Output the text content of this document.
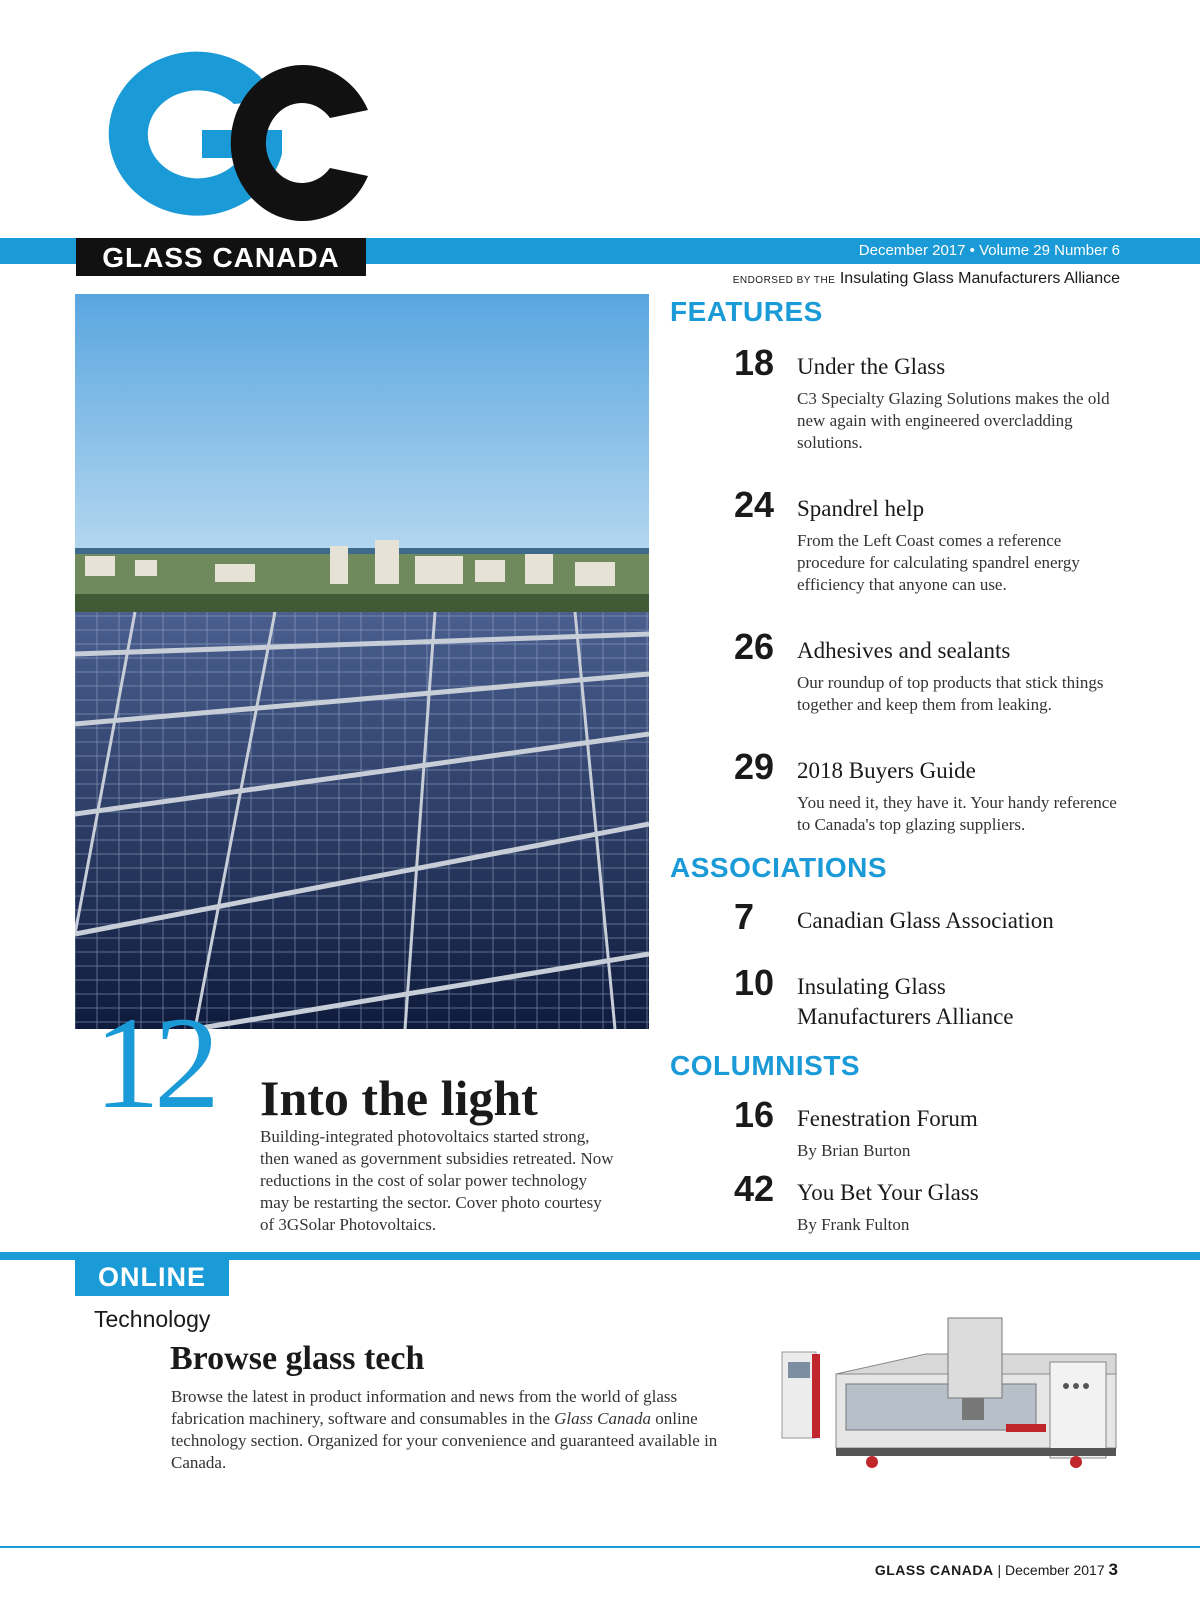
GLASS CANADA	December 2017 • Volume 29 Number 6
ENDORSED BY THE Insulating Glass Manufacturers Alliance
12 Into the light
Building-integrated photovoltaics started strong, then waned as government subsidies retreated. Now reductions in the cost of solar power technology may be restarting the sector. Cover photo courtesy of 3GSolar Photovoltaics.
FEATURES
18 Under the Glass
C3 Specialty Glazing Solutions makes the old new again with engineered overcladding solutions.
24 Spandrel help
From the Left Coast comes a reference procedure for calculating spandrel energy efficiency that anyone can use.
26 Adhesives and sealants
Our roundup of top products that stick things together and keep them from leaking.
29 2018 Buyers Guide
You need it, they have it. Your handy reference to Canada's top glazing suppliers.
ASSOCIATIONS
7	Canadian Glass Association
10 Insulating Glass
Manufacturers Alliance
COLUMNISTS
16 Fenestration Forum
By Brian Burton
42 You Bet Your Glass
By Frank Fulton
ONLINE
Technology
Browse glass tech
Browse the latest in product information and news from the world of glass fabrication machinery, software and consumables in the Glass Canada online technology section. Organized for your convenience and guaranteed available in Canada.
GLASS CANADA | December 2017 3
